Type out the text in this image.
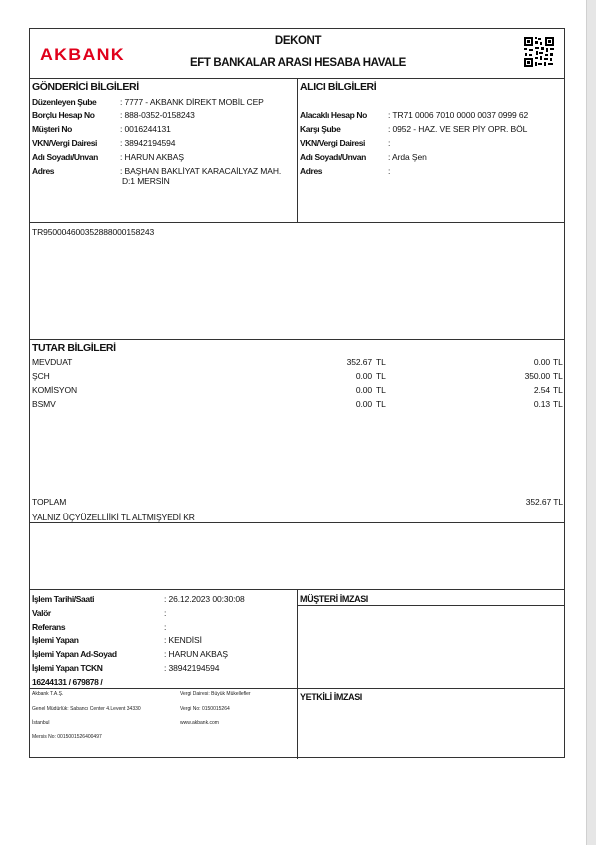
AKBANK
DEKONT
EFT BANKALAR ARASI HESABA HAVALE
GÖNDERİCİ BİLGİLERİ	ALICI BİLGİLERİ
Düzenleyen Şube	: 7777 - AKBANK DİREKT MOBİL CEP
Borçlu Hesap No	: 888-0352-0158243
Müşteri No	: 0016244131
VKN/Vergi Dairesi	: 38942194594
Adı Soyadı/Unvan	: HARUN AKBAŞ
Adres	: BAŞHAN BAKLİYAT KARACAİLYAZ MAH.
D:1 MERSİN
Alacaklı Hesap No	: TR71 0006 7010 0000 0037 0999 62
Karşı Şube	: 0952 - HAZ. VE SER PİY OPR. BÖL
VKN/Vergi Dairesi	:
Adı Soyadı/Unvan	: Arda Şen
Adres	:
TR950004600352888000158243
TUTAR BİLGİLERİ
MEVDUAT	352.67 TL	0.00 TL
ŞCH	0.00 TL	350.00 TL
KOMİSYON	0.00 TL	2.54 TL
BSMV	0.00 TL	0.13 TL
TOPLAM	352.67 TL
YALNIZ ÜÇYÜZELLİİKİ TL ALTMIŞYEDİ KR
İşlem Tarihi/Saati	: 26.12.2023 00:30:08
Valör	:
Referans	:
İşlemi Yapan	: KENDİSİ
İşlemi Yapan Ad-Soyad	: HARUN AKBAŞ
İşlemi Yapan TCKN	: 38942194594
16244131 / 679878 /
MÜŞTERİ İMZASI
YETKİLİ İMZASI
Akbank T.A.Ş.
Genel Müdürlük: Sabancı Center 4.Levent 34330
İstanbul
Mersis No: 0015001526400497
Vergi Dairesi: Büyük Mükellefler
Vergi No: 0150015264
www.akbank.com
